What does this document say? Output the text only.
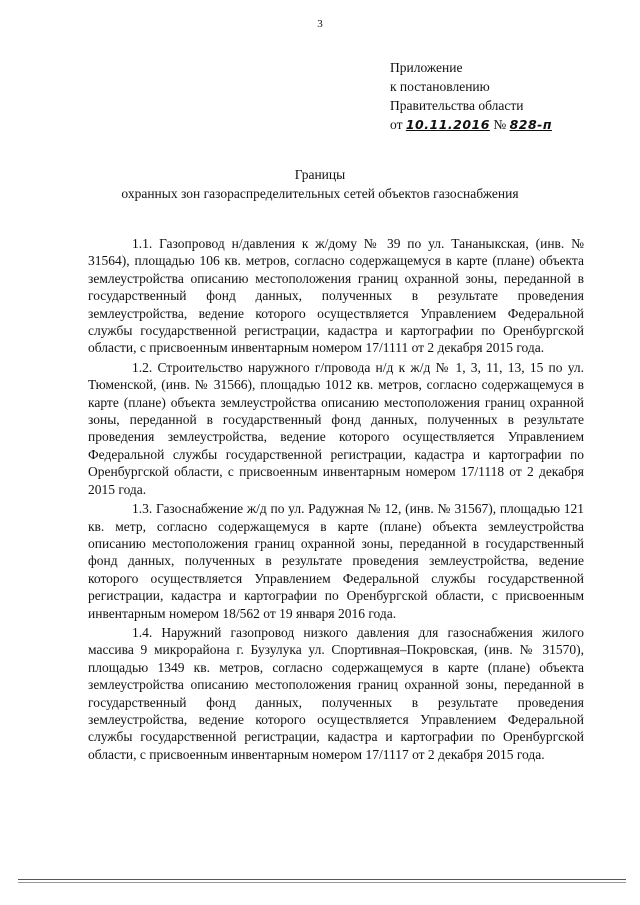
3
Приложение
к постановлению
Правительства области
от 10.11.2016 № 828-п
Границы
охранных зон газораспределительных сетей объектов газоснабжения

1.1. Газопровод н/давления к ж/дому № 39 по ул. Тананыкская, (инв. № 31564), площадью 106 кв. метров, согласно содержащемуся в карте (плане) объекта землеустройства описанию местоположения границ охранной зоны, переданной в государственный фонд данных, полученных в результате проведения землеустройства, ведение которого осуществляется Управлением Федеральной службы государственной регистрации, кадастра и картографии по Оренбургской области, с присвоенным инвентарным номером 17/1111 от 2 декабря 2015 года.

1.2. Строительство наружного г/провода н/д к ж/д № 1, 3, 11, 13, 15 по ул. Тюменской, (инв. № 31566), площадью 1012 кв. метров, согласно содержащемуся в карте (плане) объекта землеустройства описанию местоположения границ охранной зоны, переданной в государственный фонд данных, полученных в результате проведения землеустройства, ведение которого осуществляется Управлением Федеральной службы государственной регистрации, кадастра и картографии по Оренбургской области, с присвоенным инвентарным номером 17/1118 от 2 декабря 2015 года.

1.3. Газоснабжение ж/д по ул. Радужная № 12, (инв. № 31567), площадью 121 кв. метр, согласно содержащемуся в карте (плане) объекта землеустройства описанию местоположения границ охранной зоны, переданной в государственный фонд данных, полученных в результате проведения землеустройства, ведение которого осуществляется Управлением Федеральной службы государственной регистрации, кадастра и картографии по Оренбургской области, с присвоенным инвентарным номером 18/562 от 19 января 2016 года.

1.4. Наружний газопровод низкого давления для газоснабжения жилого массива 9 микрорайона г. Бузулука ул. Спортивная–Покровская, (инв. № 31570), площадью 1349 кв. метров, согласно содержащемуся в карте (плане) объекта землеустройства описанию местоположения границ охранной зоны, переданной в государственный фонд данных, полученных в результате проведения землеустройства, ведение которого осуществляется Управлением Федеральной службы государственной регистрации, кадастра и картографии по Оренбургской области, с присвоенным инвентарным номером 17/1117 от 2 декабря 2015 года.
